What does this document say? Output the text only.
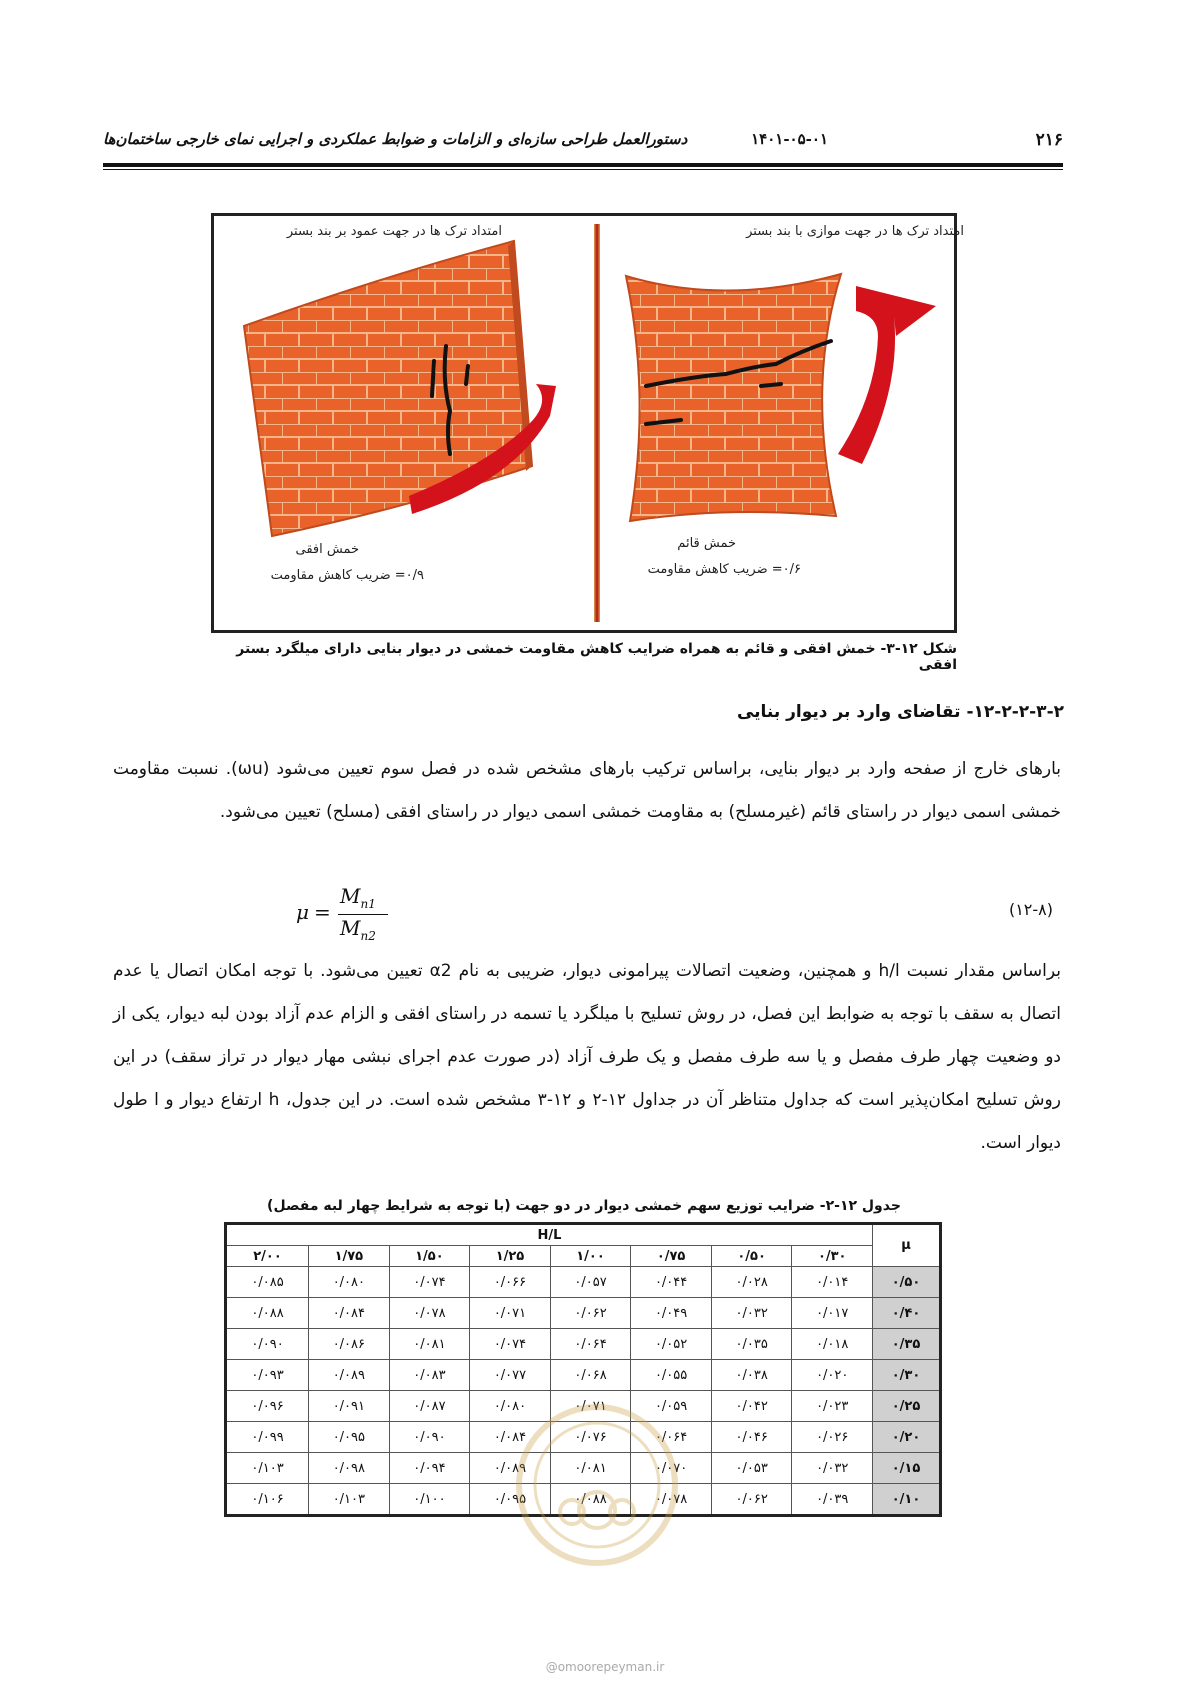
۲۱۶
۱۴۰۱-۰۵-۰۱
دستورالعمل طراحی سازه‌ای و الزامات و ضوابط عملکردی و اجرایی نمای خارجی ساختمان‌ها
امتداد ترک ها در جهت عمود بر بند بستر
خمش افقی
۰/۹= ضریب کاهش مقاومت
امتداد ترک ها در جهت موازی با بند بستر
خمش قائم
۰/۶= ضریب کاهش مقاومت
شکل ۱۲-۳- خمش افقی و قائم به همراه ضرایب کاهش مقاومت خمشی در دیوار بنایی دارای میلگرد بستر افقی
۱۲-۲-۲-۳-۲- تقاضای وارد بر دیوار بنایی
بارهای خارج از صفحه وارد بر دیوار بنایی، براساس ترکیب بارهای مشخص شده در فصل سوم تعیین می‌شود (ωu). نسبت مقاومت خمشی اسمی دیوار در راستای قائم (غیرمسلح) به مقاومت خمشی اسمی دیوار در راستای افقی (مسلح) تعیین می‌شود.
μ =
$M_{n1}$
$M_{n2}$
(۱۲-۸)
براساس مقدار نسبت h/l و همچنین، وضعیت اتصالات پیرامونی دیوار، ضریبی به نام α2 تعیین می‌شود. با توجه امکان اتصال یا عدم اتصال به سقف با توجه به ضوابط این فصل، در روش تسلیح با میلگرد یا تسمه در راستای افقی و الزام عدم آزاد بودن لبه دیوار، یکی از دو وضعیت چهار طرف مفصل و یا سه طرف مفصل و یک طرف آزاد (در صورت عدم اجرای نبشی مهار دیوار در تراز سقف) در این روش تسلیح امکان‌پذیر است که جداول متناظر آن در جداول ۱۲-۲ و ۱۲-۳ مشخص شده است. در این جدول، h ارتفاع دیوار و l طول دیوار است.
جدول ۱۲-۲- ضرایب توزیع سهم خمشی دیوار در دو جهت (با توجه به شرایط چهار لبه مفصل)
μ	H/L							
	۰/۳۰	۰/۵۰	۰/۷۵	۱/۰۰	۱/۲۵	۱/۵۰	۱/۷۵	۲/۰۰
۰/۵۰	۰/۰۱۴	۰/۰۲۸	۰/۰۴۴	۰/۰۵۷	۰/۰۶۶	۰/۰۷۴	۰/۰۸۰	۰/۰۸۵
۰/۴۰	۰/۰۱۷	۰/۰۳۲	۰/۰۴۹	۰/۰۶۲	۰/۰۷۱	۰/۰۷۸	۰/۰۸۴	۰/۰۸۸
۰/۳۵	۰/۰۱۸	۰/۰۳۵	۰/۰۵۲	۰/۰۶۴	۰/۰۷۴	۰/۰۸۱	۰/۰۸۶	۰/۰۹۰
۰/۳۰	۰/۰۲۰	۰/۰۳۸	۰/۰۵۵	۰/۰۶۸	۰/۰۷۷	۰/۰۸۳	۰/۰۸۹	۰/۰۹۳
۰/۲۵	۰/۰۲۳	۰/۰۴۲	۰/۰۵۹	۰/۰۷۱	۰/۰۸۰	۰/۰۸۷	۰/۰۹۱	۰/۰۹۶
۰/۲۰	۰/۰۲۶	۰/۰۴۶	۰/۰۶۴	۰/۰۷۶	۰/۰۸۴	۰/۰۹۰	۰/۰۹۵	۰/۰۹۹
۰/۱۵	۰/۰۳۲	۰/۰۵۳	۰/۰۷۰	۰/۰۸۱	۰/۰۸۹	۰/۰۹۴	۰/۰۹۸	۰/۱۰۳
۰/۱۰	۰/۰۳۹	۰/۰۶۲	۰/۰۷۸	۰/۰۸۸	۰/۰۹۵	۰/۱۰۰	۰/۱۰۳	۰/۱۰۶
@omoorepeyman.ir
